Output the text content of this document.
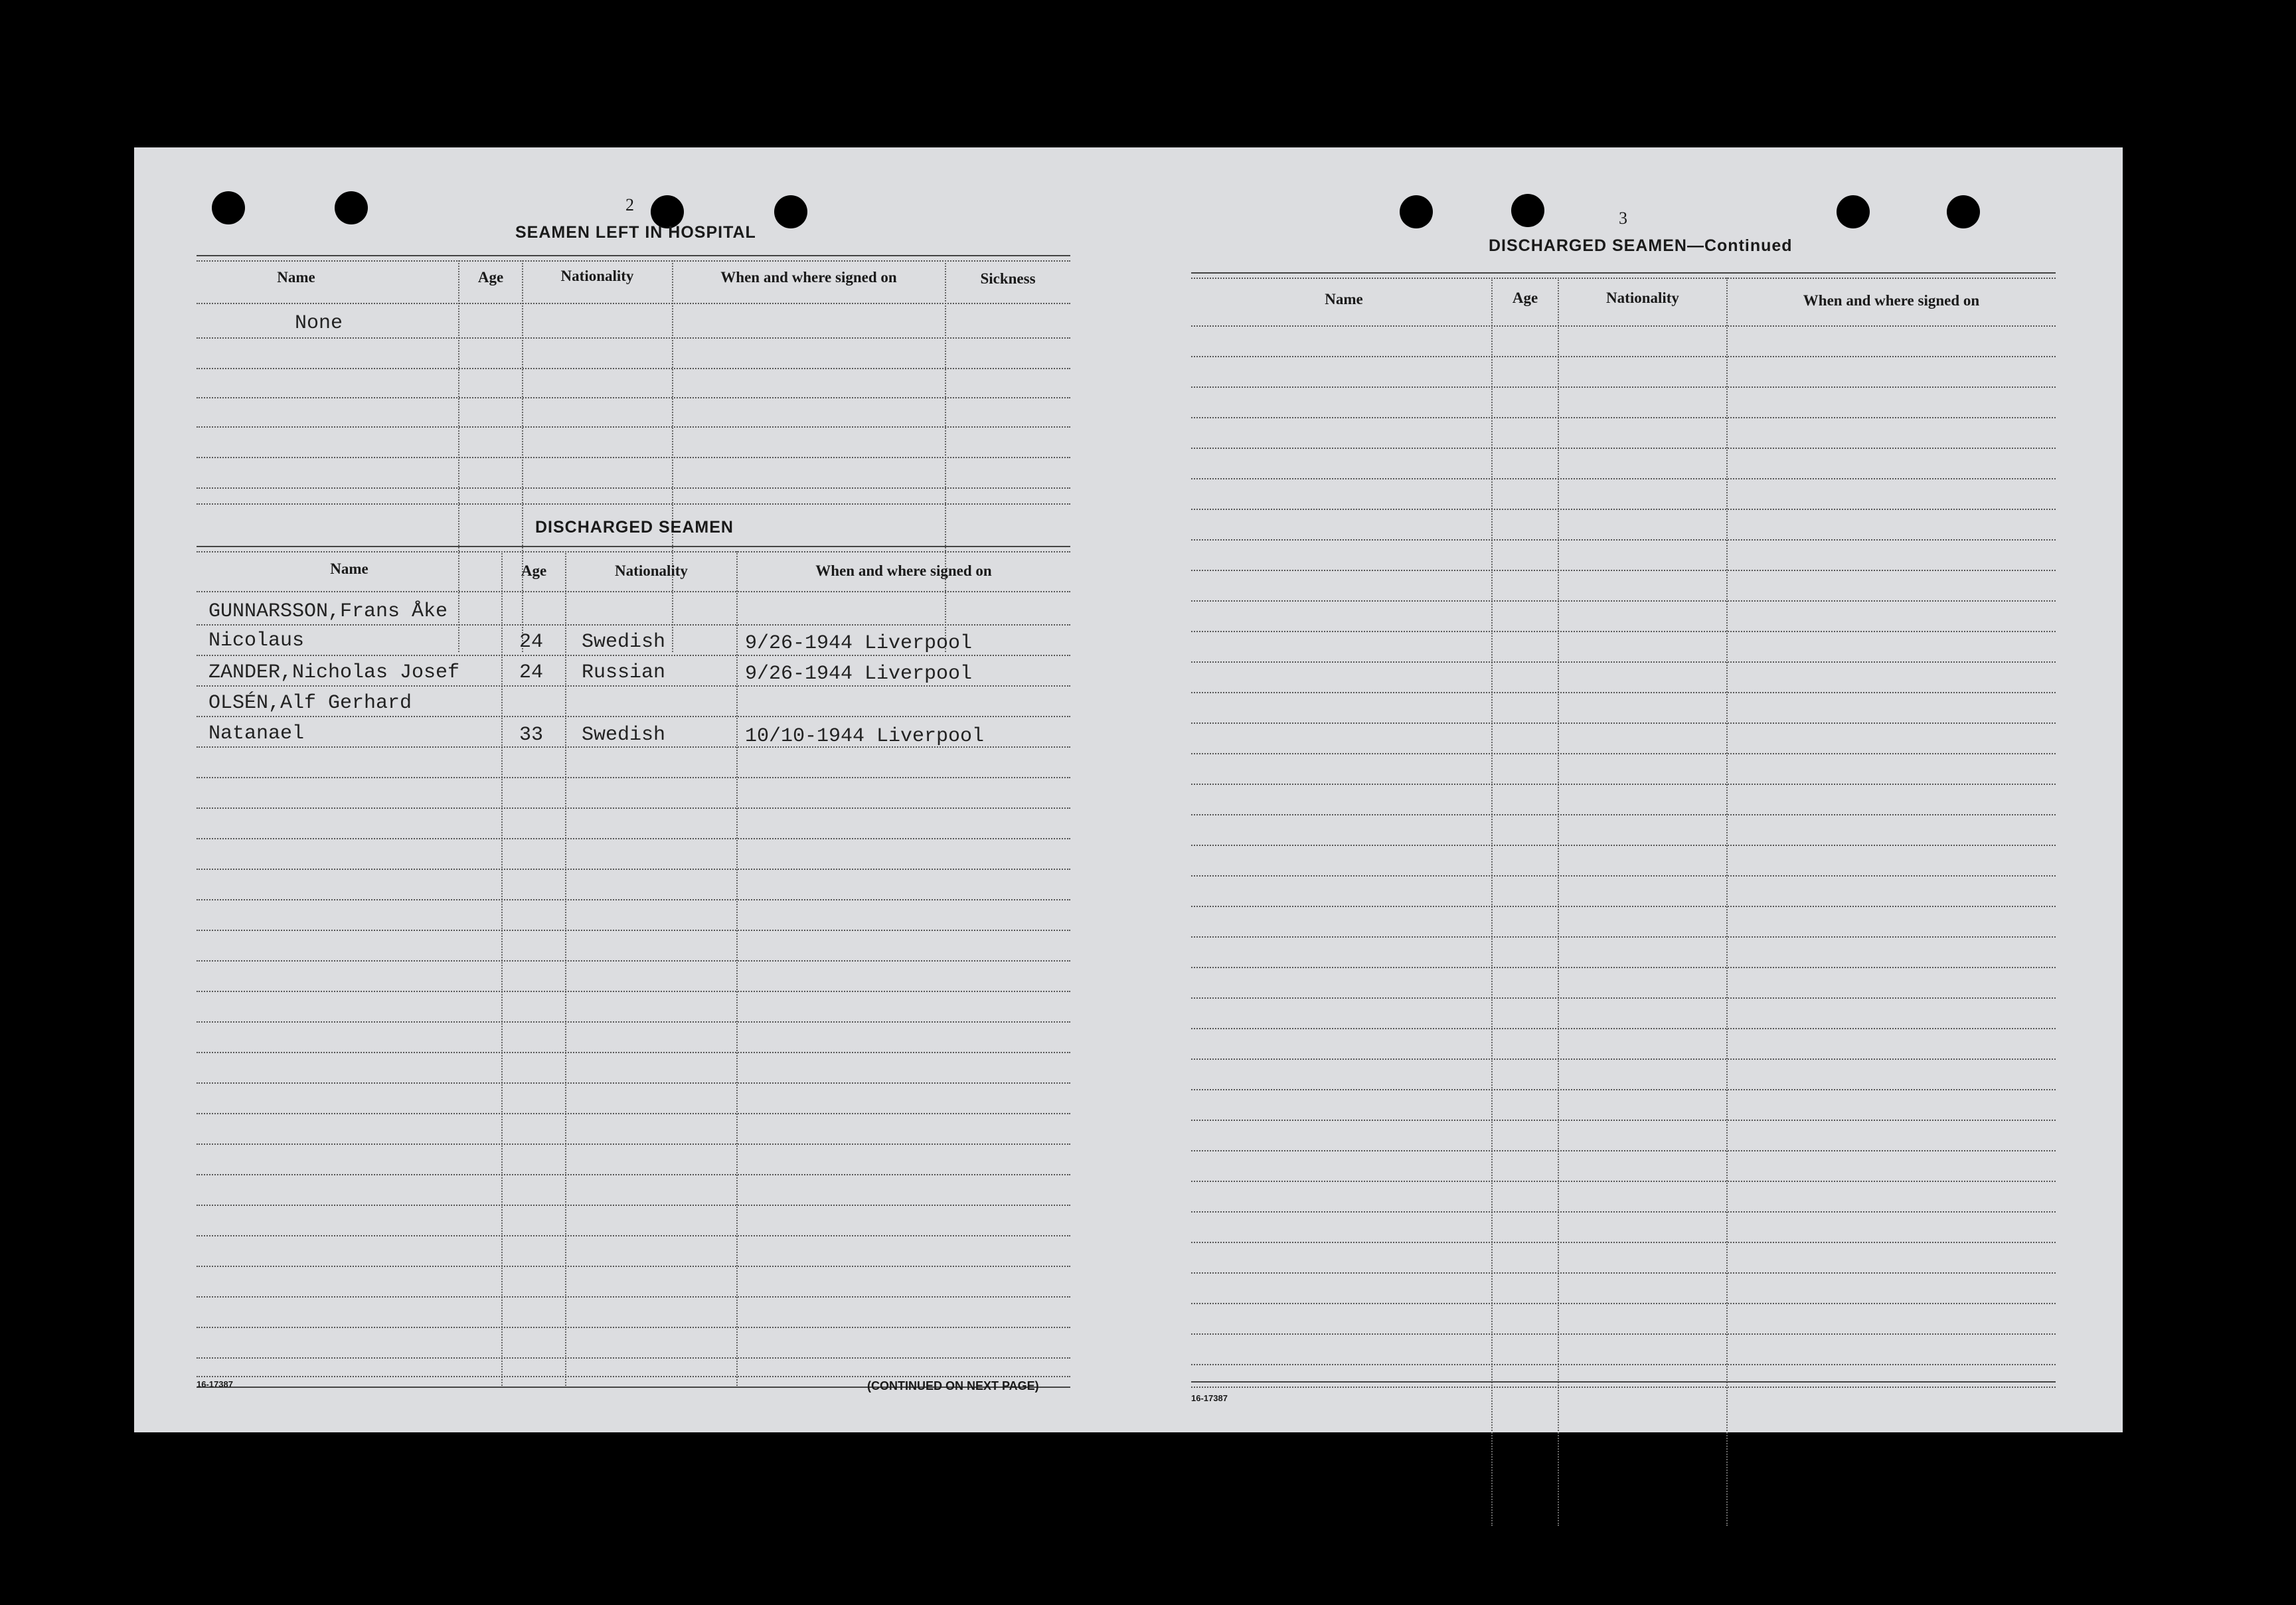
2
SEAMEN LEFT IN HOSPITAL
Name	Age	Nationality	When and where signed on	Sickness
None
DISCHARGED SEAMEN
Name	Age	Nationality	When and where signed on
GUNNARSSON,Frans Åke
Nicolaus	24 Swedish	9/26-1944 Liverpool
ZANDER,Nicholas Josef	24 Russian	9/26-1944 Liverpool
OLSÉN,Alf Gerhard
Natanael	33 Swedish	10/10-1944 Liverpool
16-17387	(CONTINUED ON NEXT PAGE)
3
DISCHARGED SEAMEN—Continued
Name	Age	Nationality	When and where signed on
16-17387
